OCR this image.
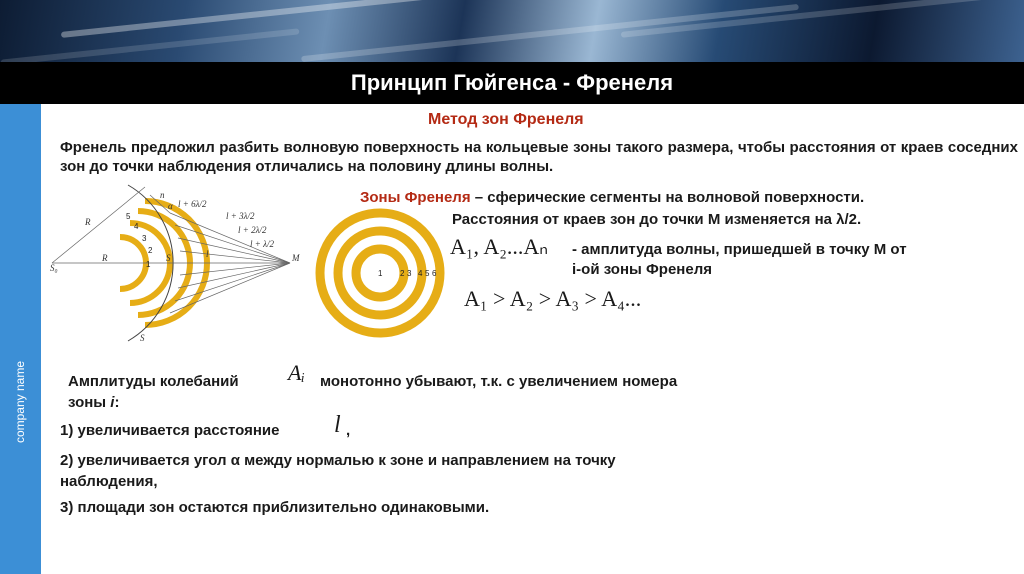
Принцип Гюйгенса - Френеля
company name
Метод зон Френеля
Френель предложил разбить волновую поверхность на кольцевые зоны такого размера, чтобы расстояния от краев соседних зон до точки наблюдения отличались на половину длины волны.
R
R
S₀
S
S
M
n
α
l
l + 6λ/2
l + 3λ/2
l + 2λ/2
l + λ/2
1
2
3
4
5
1 2 3 4 5 6
Зоны Френеля – сферические сегменты на волновой поверхности.
Расстояния от краев зон до точки М изменяется на λ/2.
A₁, A₂...Aₙ - амплитуда волны, пришедшей в точку М от
i-ой зоны Френеля
A₁ > A₂ > A₃ > A₄...
Амплитуды колебаний Aᵢ монотонно убывают, т.к. с увеличением номера
зоны i:
1) увеличивается расстояние l ,
2) увеличивается угол α между нормалью к зоне и направлением на точку
наблюдения,
3) площади зон остаются приблизительно одинаковыми.
